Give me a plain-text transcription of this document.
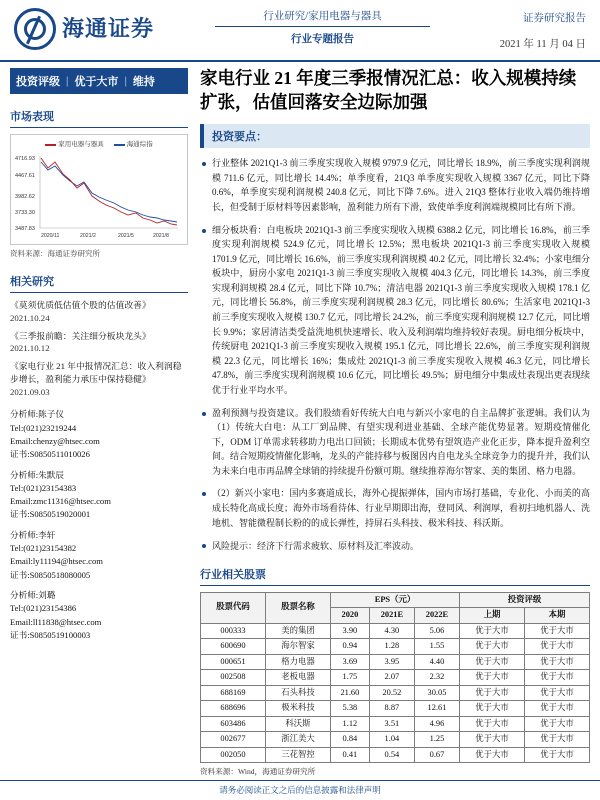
海通证券	行业研究/家用电器与器具
行业专题报告
证券研究报告
2021 年 11 月 04 日
投资评级 | 优于大市 | 维持
市场表现
家用电器与器具	海通综指
4716.93
4467.61
3982.62
3733.30
3487.83
2020/11	2021/2	2021/5	2021/8
资料来源：海通证券研究所
相关研究
《莫须优质低估值个股的估值改善》 2021.10.24
《三季报前瞻：关注细分板块龙头》 2021.10.12
《家电行业 21 年中报情况汇总：收入利润稳步增长，盈利能力承压中保持稳健》 2021.09.03
分析师:陈子仪
Tel:(021)23219244
Email:chenzy@htsec.com
证书:S0850511010026
分析师:朱默辰
Tel:(021)23154383
Email:zmc11316@htsec.com
证书:S0850519020001
分析师:李轩
Tel:(021)23154382
Email:ly11194@htsec.com
证书:S0850518080005
分析师:刘璐
Tel:(021)23154386
Email:ll11838@htsec.com
证书:S0850519100003
家电行业 21 年度三季报情况汇总：收入规模持续扩张，估值回落安全边际加强
投资要点：
行业整体 2021Q1-3 前三季度实现收入规模 9797.9 亿元，同比增长 18.9%，前三季度实现利润规模 711.6 亿元，同比增长 14.4%；单季度看，21Q3 单季度实现收入规模 3367 亿元，同比下降 0.6%，单季度实现利润规模 240.8 亿元，同比下降 7.6%。进入 21Q3 整体行业收入端仍维持增长，但受制于原材料等因素影响，盈利能力所有下滑，致使单季度利润端规模同比有所下滑。
细分板块看：白电板块 2021Q1-3 前三季度实现收入规模 6388.2 亿元，同比增长 16.8%，前三季度实现利润规模 524.9 亿元，同比增长 12.5%；黑电板块 2021Q1-3 前三季度实现收入规模 1701.9 亿元，同比增长 16.6%，前三季度实现利润规模 40.2 亿元，同比增长 32.4%；小家电细分板块中，厨房小家电 2021Q1-3 前三季度实现收入规模 404.3 亿元，同比增长 14.3%，前三季度实现利润规模 28.4 亿元，同比下降 10.7%；清洁电器 2021Q1-3 前三季度实现收入规模 178.1 亿元，同比增长 56.8%，前三季度实现利润规模 28.3 亿元，同比增长 80.6%；生活家电 2021Q1-3 前三季度实现收入规模 130.7 亿元，同比增长 24.2%，前三季度实现利润规模 12.7 亿元，同比增长 9.9%；家居清洁类受益洗地机快速增长、收入及利润端均维持较好表现。厨电细分板块中，传统厨电 2021Q1-3 前三季度实现收入规模 195.1 亿元，同比增长 22.6%，前三季度实现利润规模 22.3 亿元，同比增长 16%；集成灶 2021Q1-3 前三季度实现收入规模 46.3 亿元，同比增长 47.8%，前三季度实现利润规模 10.6 亿元，同比增长 49.5%；厨电细分中集成灶表现出更表现续优于行业平均水平。
盈利预测与投资建议。我们股绩看好传统大白电与新兴小家电的自主品牌扩张逻辑。我们认为（1）传统大白电：从工厂到品牌、有望实现利进业基础、全球产能优势显著。短期疫情催化下，ODM 订单需求转移助力电出口回锁；长期成本优势有望筑造产业化正步，降本提升盈利空间。结合短期疫情催化影响，龙头的产能持移与板图因内自电龙头全球竞争力的提升并，我们认为未来白电市再品牌全球销的持续提升份额可期。继续推荐海尔智家、美的集团、格力电器。
（2）新兴小家电：国内多赛道成长，海外心提振弹体，国内市场打基础，专业化、小而美的高成长特化高成长度；海外市场看待体、行业早期即出海，登同风、利润厚，看初扫地机器人、洗地机、智能微程制长粉的的成长弹性，持屏石头科技、极米科技、科沃斯。
风险提示：经济下行需求疲软、原材料及汇率波动。
行业相关股票
股票代码	股票名称	EPS（元）			投资评级	
		2020	2021E	2022E	上期	本期
000333	美的集团	3.90	4.30	5.06	优于大市	优于大市
600690	海尔智家	0.94	1.28	1.55	优于大市	优于大市
000651	格力电器	3.69	3.95	4.40	优于大市	优于大市
002508	老板电器	1.75	2.07	2.32	优于大市	优于大市
688169	石头科技	21.60	20.52	30.05	优于大市	优于大市
688696	极米科技	5.38	8.87	12.61	优于大市	优于大市
603486	科沃斯	1.12	3.51	4.96	优于大市	优于大市
002677	浙江美大	0.84	1.04	1.25	优于大市	优于大市
002050	三花智控	0.41	0.54	0.67	优于大市	优于大市
资料来源：Wind，海通证券研究所
请务必阅读正文之后的信息披露和法律声明
